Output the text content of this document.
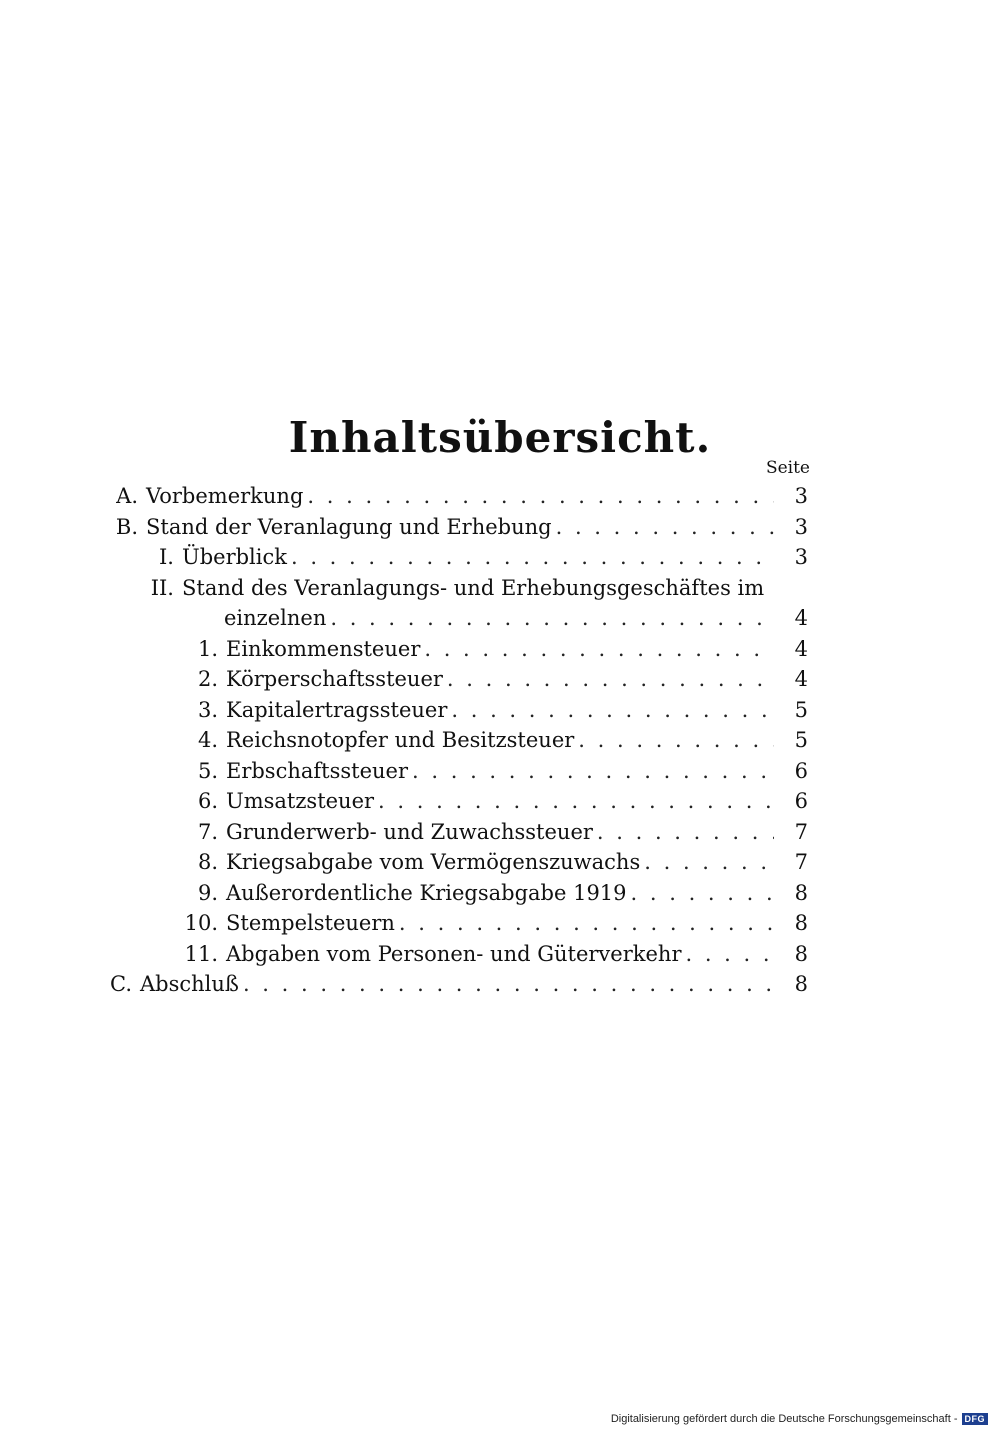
Inhaltsübersicht.
Seite
A. Vorbemerkung . . .	3
B. Stand der Veranlagung und Erhebung . . .	3
I. Überblick . . .	3
II. Stand des Veranlagungs- und Erhebungsgeschäftes im
einzelnen . . .	4
1. Einkommensteuer . . .	4
2. Körperschaftssteuer . . .	4
3. Kapitalertragssteuer . . .	5
4. Reichsnotopfer und Besitzsteuer . . .	5
5. Erbschaftssteuer . . .	6
6. Umsatzsteuer . . .	6
7. Grunderwerb- und Zuwachssteuer . . .	7
8. Kriegsabgabe vom Vermögenszuwachs . . .	7
9. Außerordentliche Kriegsabgabe 1919 . . .	8
10. Stempelsteuern . . .	8
11. Abgaben vom Personen- und Güterverkehr . . .	8
C. Abschluß . . .	8
Digitalisierung gefördert durch die Deutsche Forschungsgemeinschaft - DFG
